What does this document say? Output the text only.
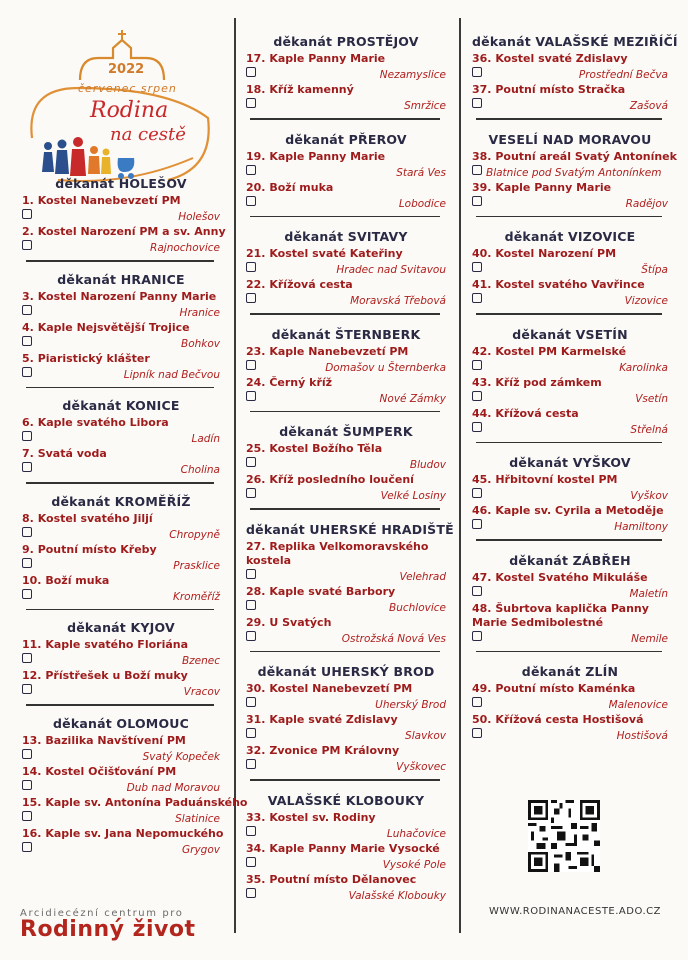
2022
červenec srpen
Rodina
na cestě
děkanát HOLEŠOV
1. Kostel Nanebevzetí PM
Holešov
2. Kostel Narození PM a sv. Anny
Rajnochovice
děkanát HRANICE
3. Kostel Narození Panny Marie
Hranice
4. Kaple Nejsvětější Trojice
Bohkov
5. Piaristický klášter
Lipník nad Bečvou
děkanát KONICE
6. Kaple svatého Libora
Ladín
7. Svatá voda
Cholina
děkanát KROMĚŘÍŽ
8. Kostel svatého Jiljí
Chropyně
9. Poutní místo Křeby
Prasklice
10. Boží muka
Kroměříž
děkanát KYJOV
11. Kaple svatého Floriána
Bzenec
12. Přístřešek u Boží muky
Vracov
děkanát OLOMOUC
13. Bazilika Navštívení PM
Svatý Kopeček
14. Kostel Očišťování PM
Dub nad Moravou
15. Kaple sv. Antonína Paduánského
Slatinice
16. Kaple sv. Jana Nepomuckého
Grygov
děkanát PROSTĚJOV
17. Kaple Panny Marie
Nezamyslice
18. Kříž kamenný
Smržice
děkanát PŘEROV
19. Kaple Panny Marie
Stará Ves
20. Boží muka
Lobodice
děkanát SVITAVY
21. Kostel svaté Kateřiny
Hradec nad Svitavou
22. Křížová cesta
Moravská Třebová
děkanát ŠTERNBERK
23. Kaple Nanebevzetí PM
Domašov u Šternberka
24. Černý kříž
Nové Zámky
děkanát ŠUMPERK
25. Kostel Božího Těla
Bludov
26. Kříž posledního loučení
Velké Losiny
děkanát UHERSKÉ HRADIŠTĚ
27. Replika Velkomoravského kostela
Velehrad
28. Kaple svaté Barbory
Buchlovice
29. U Svatých
Ostrožská Nová Ves
děkanát UHERSKÝ BROD
30. Kostel Nanebevzetí PM
Uherský Brod
31. Kaple svaté Zdislavy
Slavkov
32. Zvonice PM Královny
Vyškovec
VALAŠSKÉ KLOBOUKY
33. Kostel sv. Rodiny
Luhačovice
34. Kaple Panny Marie Vysocké
Vysoké Pole
35. Poutní místo Dělanovec
Valašské Klobouky
děkanát VALAŠSKÉ MEZIŘÍČÍ
36. Kostel svaté Zdislavy
Prostřední Bečva
37. Poutní místo Stračka
Zašová
VESELÍ NAD MORAVOU
38. Poutní areál Svatý Antonínek
Blatnice pod Svatým Antonínkem
39. Kaple Panny Marie
Radějov
děkanát VIZOVICE
40. Kostel Narození PM
Štípa
41. Kostel svatého Vavřince
Vizovice
děkanát VSETÍN
42. Kostel PM Karmelské
Karolinka
43. Kříž pod zámkem
Vsetín
44. Křížová cesta
Střelná
děkanát VYŠKOV
45. Hřbitovní kostel PM
Vyškov
46. Kaple sv. Cyrila a Metoděje
Hamiltony
děkanát ZÁBŘEH
47. Kostel Svatého Mikuláše
Maletín
48. Šubrtova kaplička Panny Marie Sedmibolestné
Nemile
děkanát ZLÍN
49. Poutní místo Kaménka
Malenovice
50. Křížová cesta Hostišová
Hostišová
WWW.RODINANACESTE.ADO.CZ
Arcidiecézní centrum pro
Rodinný život
